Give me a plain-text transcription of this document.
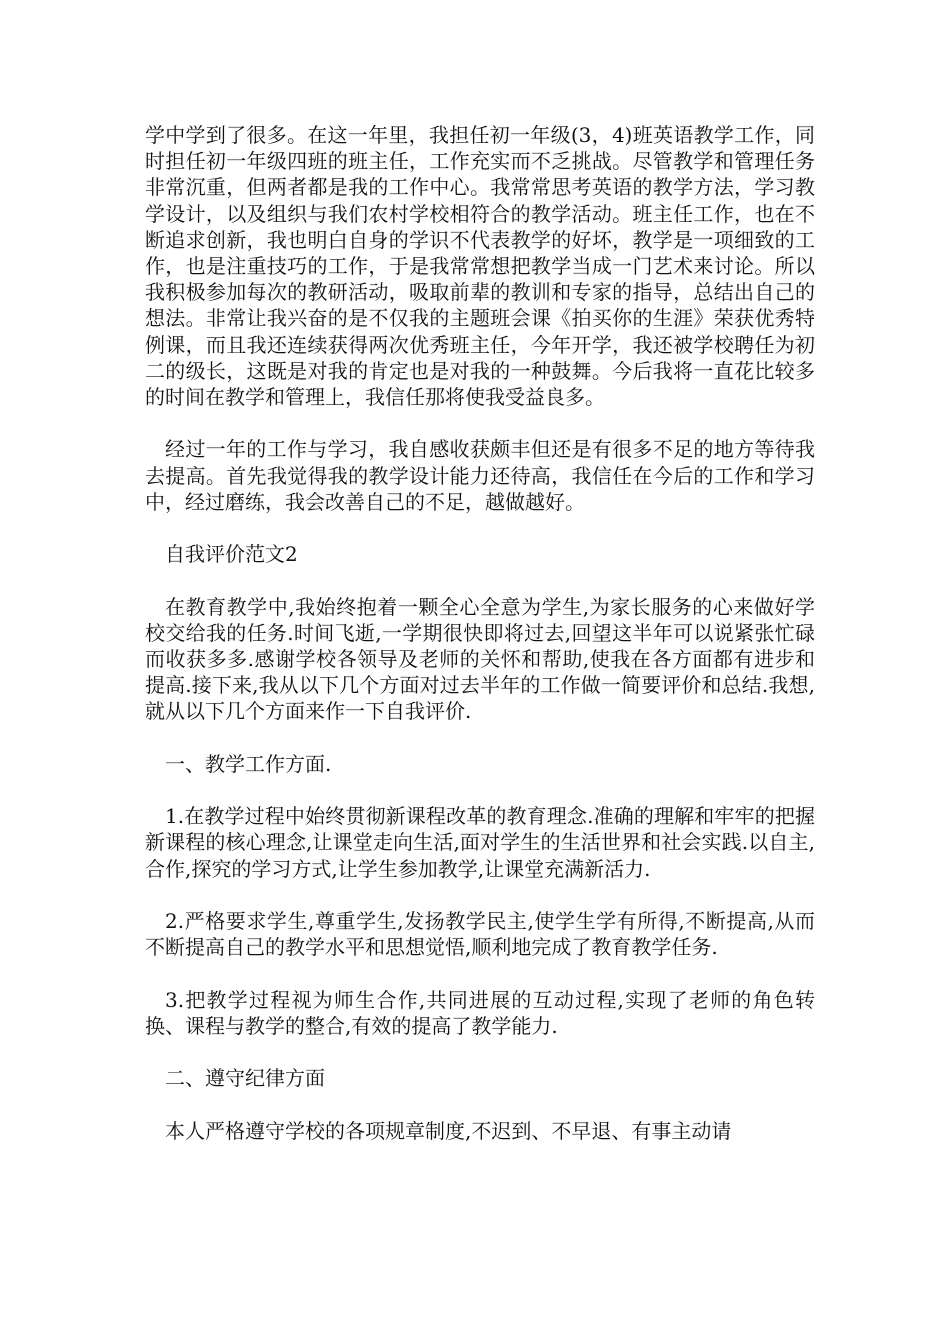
学中学到了很多。在这一年里，我担任初一年级(3，4)班英语教学工作，同时担任初一年级四班的班主任，工作充实而不乏挑战。尽管教学和管理任务非常沉重，但两者都是我的工作中心。我常常思考英语的教学方法，学习教学设计，以及组织与我们农村学校相符合的教学活动。班主任工作，也在不断追求创新，我也明白自身的学识不代表教学的好坏，教学是一项细致的工作，也是注重技巧的工作，于是我常常想把教学当成一门艺术来讨论。所以我积极参加每次的教研活动，吸取前辈的教训和专家的指导，总结出自己的想法。非常让我兴奋的是不仅我的主题班会课《拍买你的生涯》荣获优秀特例课，而且我还连续获得两次优秀班主任，今年开学，我还被学校聘任为初二的级长，这既是对我的肯定也是对我的一种鼓舞。今后我将一直花比较多的时间在教学和管理上，我信任那将使我受益良多。

经过一年的工作与学习，我自感收获颇丰但还是有很多不足的地方等待我去提高。首先我觉得我的教学设计能力还待高，我信任在今后的工作和学习中，经过磨练，我会改善自己的不足，越做越好。

自我评价范文2

在教育教学中,我始终抱着一颗全心全意为学生,为家长服务的心来做好学校交给我的任务.时间飞逝,一学期很快即将过去,回望这半年可以说紧张忙碌而收获多多.感谢学校各领导及老师的关怀和帮助,使我在各方面都有进步和提高.接下来,我从以下几个方面对过去半年的工作做一简要评价和总结.我想,就从以下几个方面来作一下自我评价.

一、教学工作方面.

1.在教学过程中始终贯彻新课程改革的教育理念.准确的理解和牢牢的把握新课程的核心理念,让课堂走向生活,面对学生的生活世界和社会实践.以自主,合作,探究的学习方式,让学生参加教学,让课堂充满新活力.

2.严格要求学生,尊重学生,发扬教学民主,使学生学有所得,不断提高,从而不断提高自己的教学水平和思想觉悟,顺利地完成了教育教学任务.

3.把教学过程视为师生合作,共同进展的互动过程,实现了老师的角色转换、课程与教学的整合,有效的提高了教学能力.

二、遵守纪律方面

本人严格遵守学校的各项规章制度,不迟到、不早退、有事主动请
